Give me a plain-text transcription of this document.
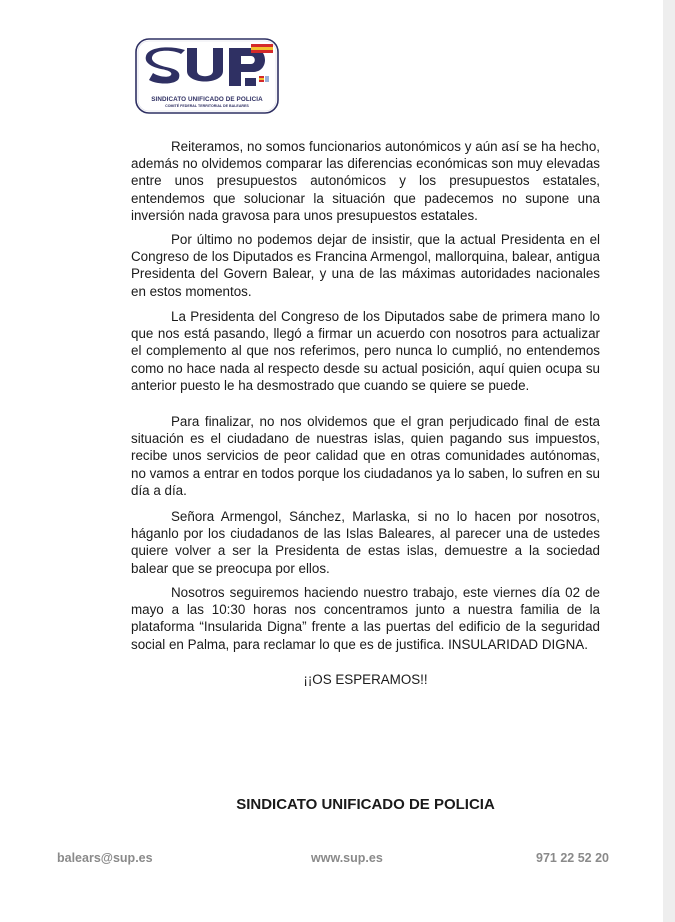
SINDICATO UNIFICADO DE POLICIA
COMITÉ FEDERAL TERRITORIAL DE BALEARES

Reiteramos, no somos funcionarios autonómicos y aún así se ha hecho, además no olvidemos comparar las diferencias económicas son muy elevadas entre unos presupuestos autonómicos y los presupuestos estatales, entendemos que solucionar la situación que padecemos no supone una inversión nada gravosa para unos presupuestos estatales.

Por último no podemos dejar de insistir, que la actual Presidenta en el Congreso de los Diputados es Francina Armengol, mallorquina, balear, antigua Presidenta del Govern Balear, y una de las máximas autoridades nacionales en estos momentos.

La Presidenta del Congreso de los Diputados sabe de primera mano lo que nos está pasando, llegó a firmar un acuerdo con nosotros para actualizar el complemento al que nos referimos, pero nunca lo cumplió, no entendemos como no hace nada al respecto desde su actual posición, aquí quien ocupa su anterior puesto le ha desmostrado que cuando se quiere se puede.

Para finalizar, no nos olvidemos que el gran perjudicado final de esta situación es el ciudadano de nuestras islas, quien pagando sus impuestos, recibe unos servicios de peor calidad que en otras comunidades autónomas, no vamos a entrar en todos porque los ciudadanos ya lo saben, lo sufren en su día a día.

Señora Armengol, Sánchez, Marlaska, si no lo hacen por nosotros, háganlo por los ciudadanos de las Islas Baleares, al parecer una de ustedes quiere volver a ser la Presidenta de estas islas, demuestre a la sociedad balear que se preocupa por ellos.

Nosotros seguiremos haciendo nuestro trabajo, este viernes día 02 de mayo a las 10:30 horas nos concentramos junto a nuestra familia de la plataforma “Insularida Digna” frente a las puertas del edificio de la seguridad social en Palma, para reclamar lo que es de justifica. INSULARIDAD DIGNA.

¡¡OS ESPERAMOS!!
SINDICATO UNIFICADO DE POLICIA
balears@sup.es	www.sup.es	971 22 52 20
